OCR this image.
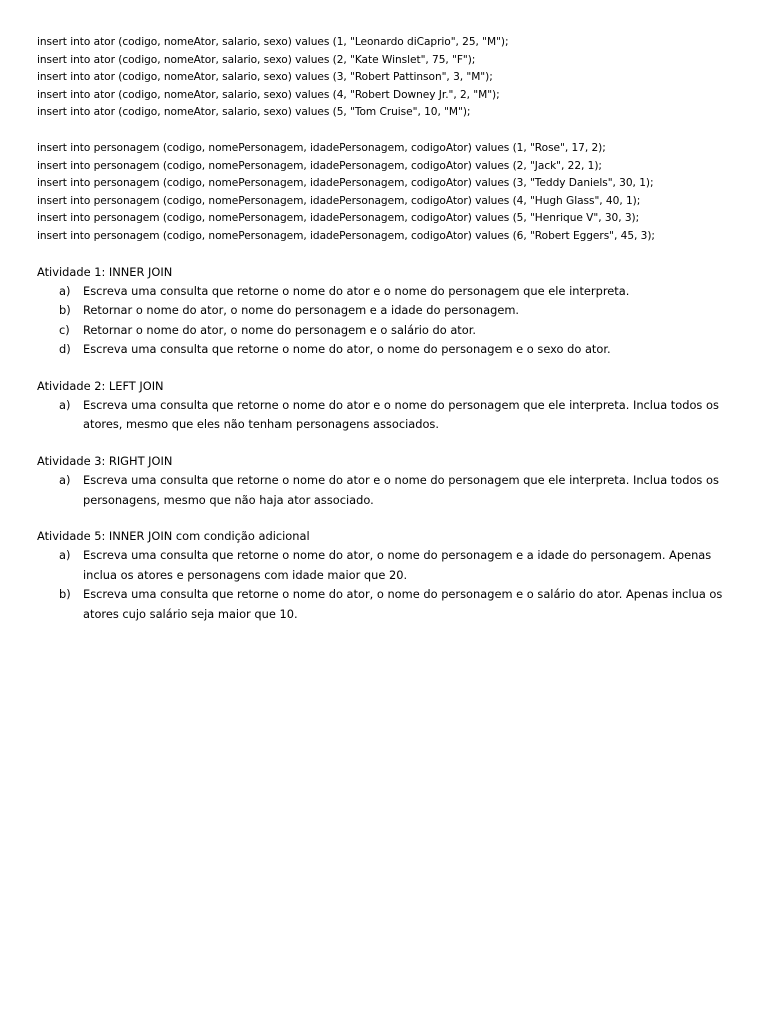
insert into ator (codigo, nomeAtor, salario, sexo) values (1, "Leonardo diCaprio", 25, "M");
insert into ator (codigo, nomeAtor, salario, sexo) values (2, "Kate Winslet", 75, "F");
insert into ator (codigo, nomeAtor, salario, sexo) values (3, "Robert Pattinson", 3, "M");
insert into ator (codigo, nomeAtor, salario, sexo) values (4, "Robert Downey Jr.", 2, "M");
insert into ator (codigo, nomeAtor, salario, sexo) values (5, "Tom Cruise", 10, "M");
insert into personagem (codigo, nomePersonagem, idadePersonagem, codigoAtor) values (1, "Rose", 17, 2);
insert into personagem (codigo, nomePersonagem, idadePersonagem, codigoAtor) values (2, "Jack", 22, 1);
insert into personagem (codigo, nomePersonagem, idadePersonagem, codigoAtor) values (3, "Teddy Daniels", 30, 1);
insert into personagem (codigo, nomePersonagem, idadePersonagem, codigoAtor) values (4, "Hugh Glass", 40, 1);
insert into personagem (codigo, nomePersonagem, idadePersonagem, codigoAtor) values (5, "Henrique V", 30, 3);
insert into personagem (codigo, nomePersonagem, idadePersonagem, codigoAtor) values (6, "Robert Eggers", 45, 3);
Atividade 1: INNER JOIN
a) Escreva uma consulta que retorne o nome do ator e o nome do personagem que ele interpreta.
b) Retornar o nome do ator, o nome do personagem e a idade do personagem.
c) Retornar o nome do ator, o nome do personagem e o salário do ator.
d) Escreva uma consulta que retorne o nome do ator, o nome do personagem e o sexo do ator.
Atividade 2: LEFT JOIN
a) Escreva uma consulta que retorne o nome do ator e o nome do personagem que ele interpreta. Inclua todos os atores, mesmo que eles não tenham personagens associados.
Atividade 3: RIGHT JOIN
a) Escreva uma consulta que retorne o nome do ator e o nome do personagem que ele interpreta. Inclua todos os personagens, mesmo que não haja ator associado.
Atividade 5: INNER JOIN com condição adicional
a) Escreva uma consulta que retorne o nome do ator, o nome do personagem e a idade do personagem. Apenas inclua os atores e personagens com idade maior que 20.
b) Escreva uma consulta que retorne o nome do ator, o nome do personagem e o salário do ator. Apenas inclua os atores cujo salário seja maior que 10.
